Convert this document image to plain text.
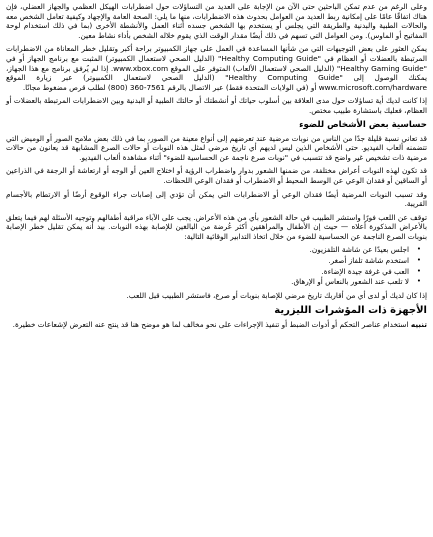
وعلى الرغم من عدم تمكن الباحثين حتى الآن من الإجابة على العديد من التساؤلات حول اضطرابات الهيكل العظمي والجهاز العضلي، فإن هناك اتفاقًا عامًا على إمكانية ربط العديد من العوامل بحدوث هذه الاضطرابات، منها ما يلي: الصحة العامة والإجهاد وكيفية تعامل الشخص معه والحالات الطبية والبدنية والطريقة التي يجلس أو يستخدم بها الشخص جسده أثناء العمل والأنشطة الأخرى (بما في ذلك استخدام لوحة المفاتيح أو الماوس). ومن العوامل التي تسهم في ذلك أيضًا مقدار الوقت الذي يقوم خلاله الشخص بأداء نشاط معين.

يمكن العثور على بعض التوجيهات التي من شأنها المساعدة في العمل على جهاز الكمبيوتر براحة أكبر وتقليل خطر المعاناة من الاضطرابات المرتبطة بالعضلات أو العظام في "Healthy Computing Guide" (الدليل الصحي لاستعمال الكمبيوتر) المثبت مع برنامج الجهاز أو في "Healthy Gaming Guide" (الدليل الصحي لاستعمال الألعاب) المتوفر على الموقع www.xbox.com. إذا لم يُرفق برنامج مع هذا الجهاز، يمكنك الوصول إلى "Healthy Computing Guide" (الدليل الصحي لاستعمال الكمبيوتر) عبر زيارة الموقع www.microsoft.com/hardware أو (في الولايات المتحدة فقط) عبر الاتصال بالرقم 7561-360 (800) لطلب قرص مضغوط مجانًا.

إذا كانت لديك أية تساؤلات حول مدى العلاقة بين أسلوب حياتك أو أنشطتك أو حالتك الطبية أو البدنية وبين الاضطرابات المرتبطة بالعضلات أو العظام، فعليك باستشارة طبيب مختص.

حساسية بعض الأشخاص للضوء

قد تعاني نسبة قليلة جدًا من الناس من نوبات مرضية عند تعرضهم إلى أنواع معينة من الصور، بما في ذلك بعض ملامح الصور أو الوميض التي تتضمنه ألعاب الفيديو. حتى الأشخاص الذين ليس لديهم أي تاريخ مرضي لمثل هذه النوبات أو حالات الصرع المشابهة قد يعانون من حالات مرضية ذات تشخيص غير واضح قد تتسبب في "نوبات صرع ناجمة عن الحساسية للضوء" أثناء مشاهدة ألعاب الفيديو.

قد تكون لهذه النوبات أعراض مختلفة، من ضمنها الشعور بدوار واضطراب الرؤية أو اختلاج العين أو الوجه أو ارتعاشة أو الرجفة في الذراعين أو الساقين أو فقدان الوعي عن الوسط المحيط أو الاضطراب أو فقدان الوعي اللحظات.

وقد تسبب النوبات المرضية أيضًا فقدان الوعي أو الاضطرابات التي يمكن أن تؤدي إلى إصابات جراء الوقوع أرضًا أو الارتطام بالأجسام القريبة.

توقف عن اللعب فورًا واستشر الطبيب في حالة الشعور بأي من هذه الأعراض. يجب على الآباء مراقبة أطفالهم وتوجيه الأسئلة لهم فيما يتعلق بالأعراض المذكورة أعلاه — حيث إن الأطفال والمراهقين أكثر عُرضة من البالغين للإصابة بهذه النوبات. بيد أنه يمكن تقليل خطر الإصابة بنوبات الصرع الناجمة عن الحساسية للضوء من خلال اتخاذ التدابير الوقائية التالية:

•
اجلس بعيدًا عن شاشة التلفزيون.
•
استخدم شاشة تلفاز أصغر.
•
العب في غرفة جيدة الإضاءة.
•
لا تلعب عند الشعور بالنعاس أو الإرهاق.

إذا كان لديك أو لدى أي من أقاربك تاريخ مرضي للإصابة بنوبات أو صرع، فاستشر الطبيب قبل اللعب.

الأجهزة ذات المؤشرات الليزرية

تنبيه استخدام عناصر التحكم أو أدوات الضبط أو تنفيذ الإجراءات على نحو مخالف لما هو موضح هنا قد ينتج عنه التعرض لإشعاعات خطيرة.
